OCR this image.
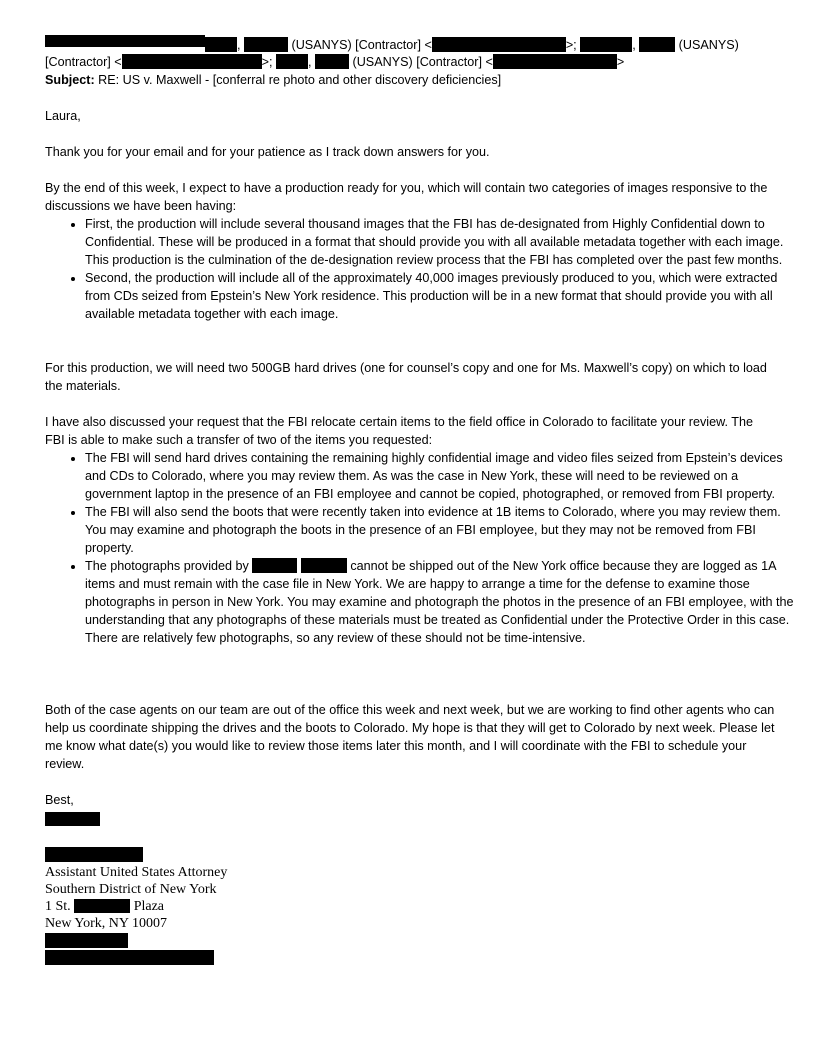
,	(USANYS) [Contractor] <	>;	,	(USANYS)
[Contractor] <	>;	,	(USANYS) [Contractor] <	>
Subject: RE: US v. Maxwell - [conferral re photo and other discovery deficiencies]
Laura,
Thank you for your email and for your patience as I track down answers for you.
By the end of this week, I expect to have a production ready for you, which will contain two categories of images responsive to the discussions we have been having:
• First, the production will include several thousand images that the FBI has de-designated from Highly Confidential down to Confidential. These will be produced in a format that should provide you with all available metadata together with each image. This production is the culmination of the de-designation review process that the FBI has completed over the past few months.
• Second, the production will include all of the approximately 40,000 images previously produced to you, which were extracted from CDs seized from Epstein’s New York residence. This production will be in a new format that should provide you with all available metadata together with each image.
For this production, we will need two 500GB hard drives (one for counsel’s copy and one for Ms. Maxwell’s copy) on which to load the materials.
I have also discussed your request that the FBI relocate certain items to the field office in Colorado to facilitate your review. The FBI is able to make such a transfer of two of the items you requested:
• The FBI will send hard drives containing the remaining highly confidential image and video files seized from Epstein’s devices and CDs to Colorado, where you may review them. As was the case in New York, these will need to be reviewed on a government laptop in the presence of an FBI employee and cannot be copied, photographed, or removed from FBI property.
• The FBI will also send the boots that were recently taken into evidence at 1B items to Colorado, where you may review them. You may examine and photograph the boots in the presence of an FBI employee, but they may not be removed from FBI property.
• The photographs provided by	cannot be shipped out of the New York office because they are logged as 1A items and must remain with the case file in New York. We are happy to arrange a time for the defense to examine those photographs in person in New York. You may examine and photograph the photos in the presence of an FBI employee, with the understanding that any photographs of these materials must be treated as Confidential under the Protective Order in this case. There are relatively few photographs, so any review of these should not be time-intensive.
Both of the case agents on our team are out of the office this week and next week, but we are working to find other agents who can help us coordinate shipping the drives and the boots to Colorado. My hope is that they will get to Colorado by next week. Please let me know what date(s) you would like to review those items later this month, and I will coordinate with the FBI to schedule your review.
Best,
Assistant United States Attorney
Southern District of New York
1 St.	Plaza
New York, NY 10007
